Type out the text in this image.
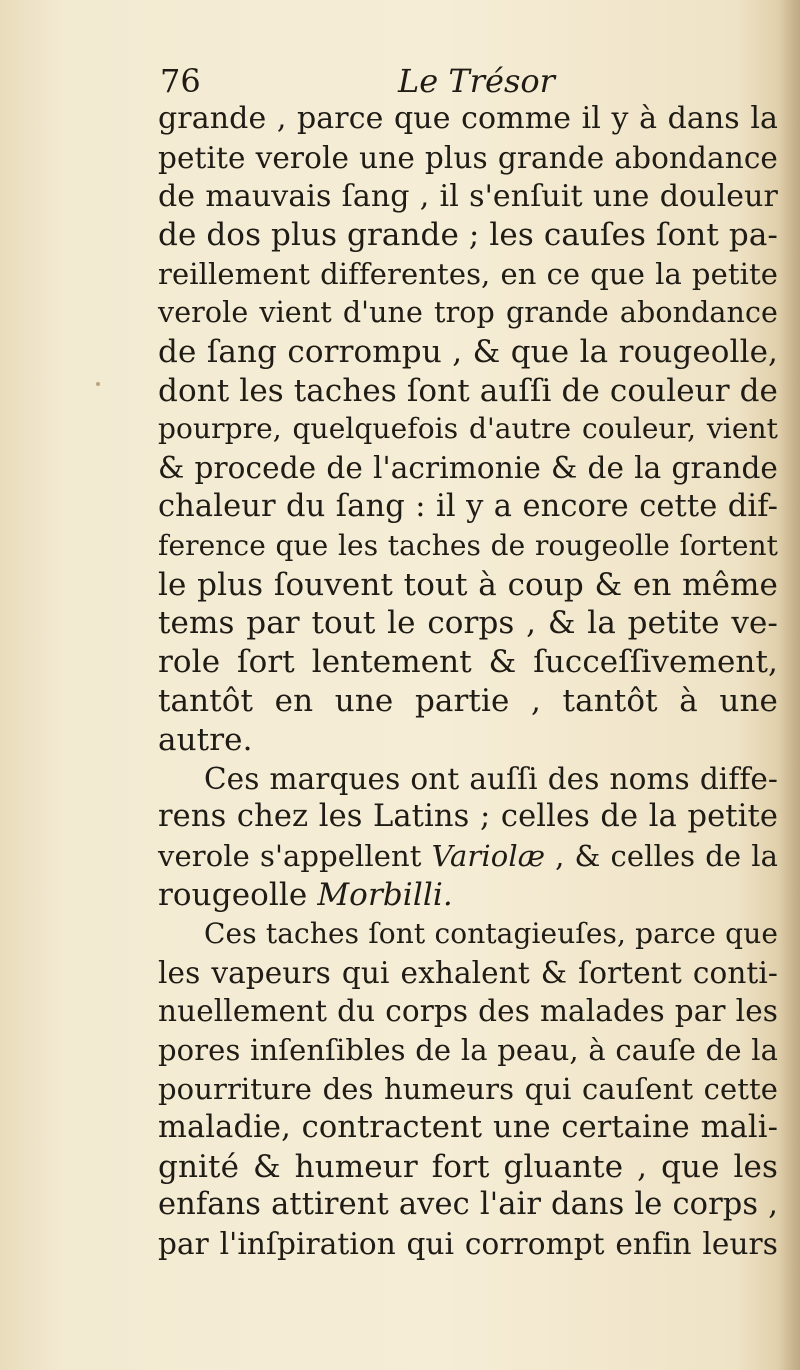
76	Le Trésor
grande , parce que comme il y à dans la
petite verole une plus grande abondance
de mauvais ſang , il s'enſuit une douleur
de dos plus grande ; les cauſes ſont pa-
reillement differentes, en ce que la petite
verole vient d'une trop grande abondance
de ſang corrompu , & que la rougeolle,
dont les taches ſont auſſi de couleur de
pourpre, quelquefois d'autre couleur, vient
& procede de l'acrimonie & de la grande
chaleur du ſang : il y a encore cette dif-
ference que les taches de rougeolle ſortent
le plus ſouvent tout à coup & en même
tems par tout le corps , & la petite ve-
role ſort lentement & ſucceſſivement,
tantôt en une partie , tantôt à une
autre.
Ces marques ont auſſi des noms diffe-
rens chez les Latins ; celles de la petite
verole s'appellent Variolæ , & celles de la
rougeolle Morbilli.
Ces taches ſont contagieuſes, parce que
les vapeurs qui exhalent & ſortent conti-
nuellement du corps des malades par les
pores inſenſibles de la peau, à cauſe de la
pourriture des humeurs qui cauſent cette
maladie, contractent une certaine mali-
gnité & humeur fort gluante , que les
enfans attirent avec l'air dans le corps ,
par l'inſpiration qui corrompt enfin leurs
